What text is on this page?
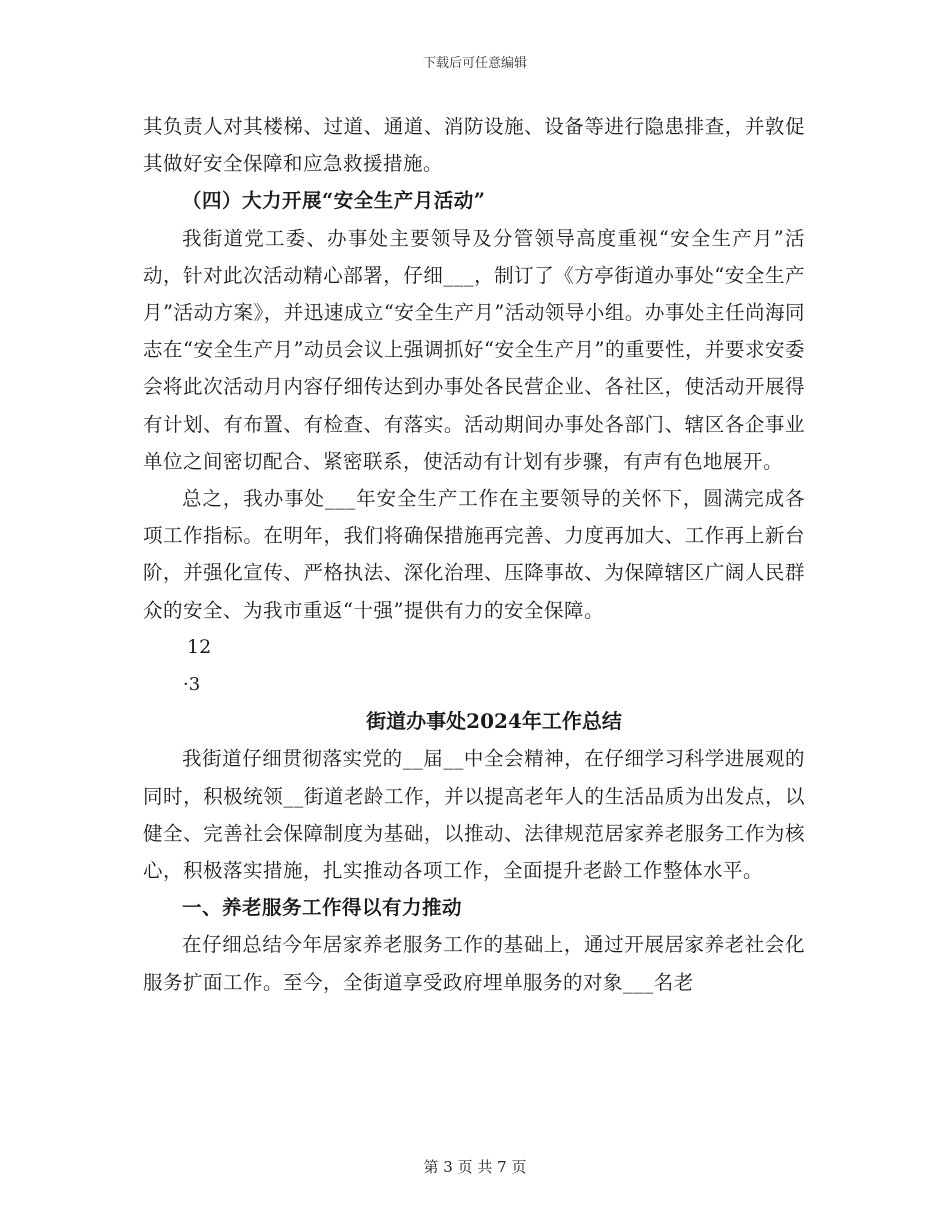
下载后可任意编辑

其负责人对其楼梯、过道、通道、消防设施、设备等进行隐患排查，并敦促其做好安全保障和应急救援措施。

（四）大力开展“安全生产月活动”

我街道党工委、办事处主要领导及分管领导高度重视“安全生产月”活动，针对此次活动精心部署，仔细___，制订了《方亭街道办事处“安全生产月”活动方案》，并迅速成立“安全生产月”活动领导小组。办事处主任尚海同志在“安全生产月”动员会议上强调抓好“安全生产月”的重要性，并要求安委会将此次活动月内容仔细传达到办事处各民营企业、各社区，使活动开展得有计划、有布置、有检查、有落实。活动期间办事处各部门、辖区各企事业单位之间密切配合、紧密联系，使活动有计划有步骤，有声有色地展开。

总之，我办事处___年安全生产工作在主要领导的关怀下，圆满完成各项工作指标。在明年，我们将确保措施再完善、力度再加大、工作再上新台阶，并强化宣传、严格执法、深化治理、压降事故、为保障辖区广阔人民群众的安全、为我市重返“十强”提供有力的安全保障。

12

·3

街道办事处2024年工作总结

我街道仔细贯彻落实党的__届__中全会精神，在仔细学习科学进展观的同时，积极统领__街道老龄工作，并以提高老年人的生活品质为出发点，以健全、完善社会保障制度为基础，以推动、法律规范居家养老服务工作为核心，积极落实措施，扎实推动各项工作，全面提升老龄工作整体水平。

一、养老服务工作得以有力推动

在仔细总结今年居家养老服务工作的基础上，通过开展居家养老社会化服务扩面工作。至今，全街道享受政府埋单服务的对象___名老

第 3 页 共 7 页
